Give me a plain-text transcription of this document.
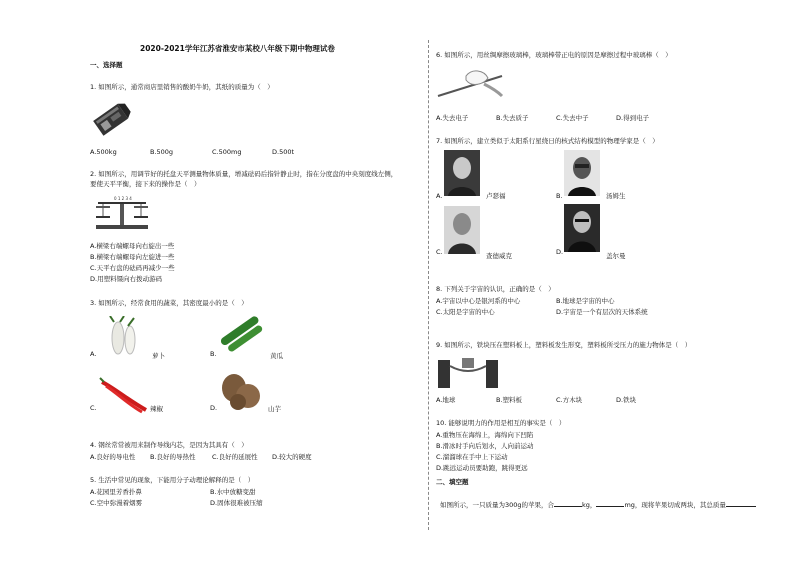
2020-2021学年江苏省淮安市某校八年级下期中物理试卷
一、选择题
1. 如图所示，通常商店里销售的酸奶牛奶，其纸的质量为（　）
A.500kg	B.500g	C.500mg	D.500t
2. 如图所示，用调节好的托盘天平测量物体质量，增减砝码后指针静止时，指在分度盘的中央刻度线左侧，
要使天平平衡，接下来的操作是（　）
0 1 2 3 4
A.横梁右端螺母向右旋出一些
B.横梁右端螺母向左旋进一些
C.天平右盘的砝码再减少一些
D.用塑料镊向右拨动游码
3. 如图所示，经常食用的蔬菜，其密度最小的是（　）
A.	萝卜	B.	黄瓜
C.	辣椒	D.	山芋
4. 钢丝常常被用来制作导线内芯，是因为其具有（　）
A.良好的导电性 B.良好的导热性	C.良好的延展性 D.较大的硬度
5. 生活中常见的现象，下能用分子动理论解释的是（　）
A.花园里芳香扑鼻	B.水中放糖变甜
C.空中弥漫着烟雾	D.固体很难被压缩
6. 如图所示，用丝绸摩擦玻璃棒，玻璃棒带正电的原因是摩擦过程中玻璃棒（　）
A.失去电子	B.失去质子	C.失去中子	D.得到电子
7. 如图所示，建立类似于太阳系行星绕日的核式结构模型的物理学家是（　）
A.	卢瑟福	B.	汤姆生
C.	查德威克	D.	盖尔曼
8. 下列关于宇宙的认识，正确的是（　）
A.宇宙以中心是银河系的中心	B.地球是宇宙的中心
C.太阳是宇宙的中心	D.宇宙是一个有层次的天体系统
9. 如图所示，铁块压在塑料板上，塑料板发生形变，塑料板所受压力的施力物体是（　）
A.地球	B.塑料板	C.方木块	D.铁块
10. 能够说明力的作用是相互的事实是（　）
A.重物压在海绵上，海绵向下凹陷
B.滑冰时手向后划水，人向前运动
C.溜溜球在手中上下运动
D.跳远运动员要助跑，跳得更远
二、填空题
如图所示，一只质量为300g的苹果，合	kg，	mg，现将苹果切成两块，其总质量
